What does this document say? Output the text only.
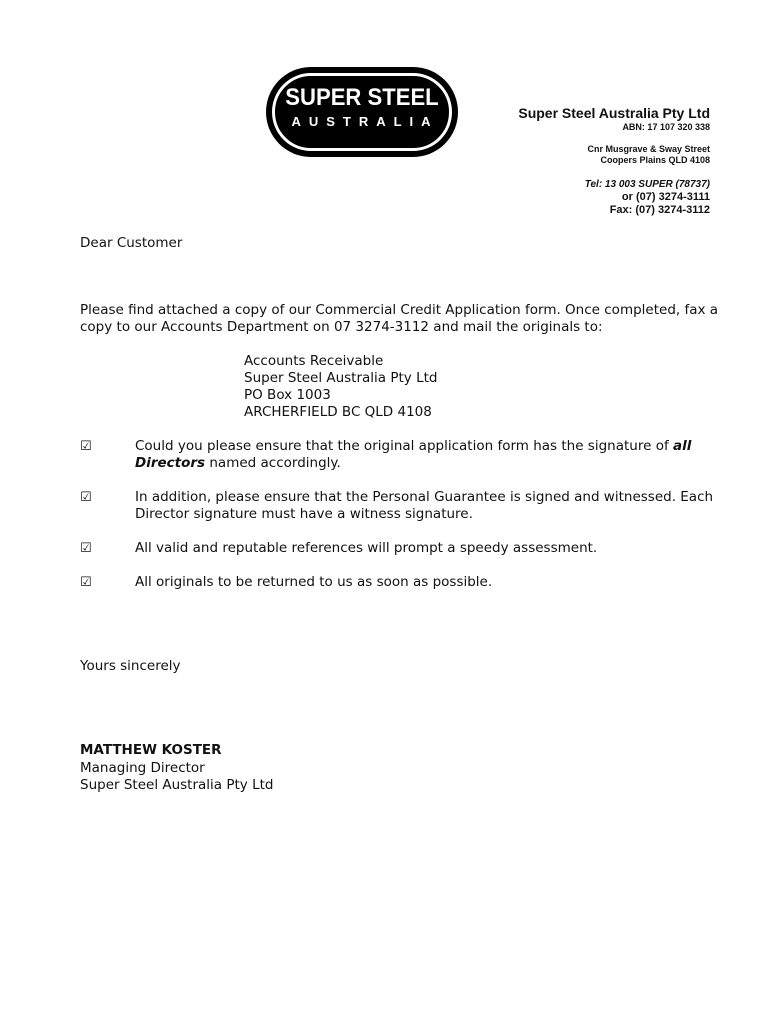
SUPER STEEL
AUSTRALIA
Super Steel Australia Pty Ltd
ABN: 17 107 320 338
Cnr Musgrave & Sway Street
Coopers Plains QLD 4108
Tel: 13 003 SUPER (78737)
or (07) 3274-3111
Fax: (07) 3274-3112
Dear Customer
Please find attached a copy of our Commercial Credit Application form. Once completed, fax a copy to our Accounts Department on 07 3274-3112 and mail the originals to:
Accounts Receivable
Super Steel Australia Pty Ltd
PO Box 1003
ARCHERFIELD BC QLD 4108
☑	Could you please ensure that the original application form has the signature of all Directors named accordingly.
☑	In addition, please ensure that the Personal Guarantee is signed and witnessed. Each Director signature must have a witness signature.
☑	All valid and reputable references will prompt a speedy assessment.
☑	All originals to be returned to us as soon as possible.
Yours sincerely
MATTHEW KOSTER
Managing Director
Super Steel Australia Pty Ltd
